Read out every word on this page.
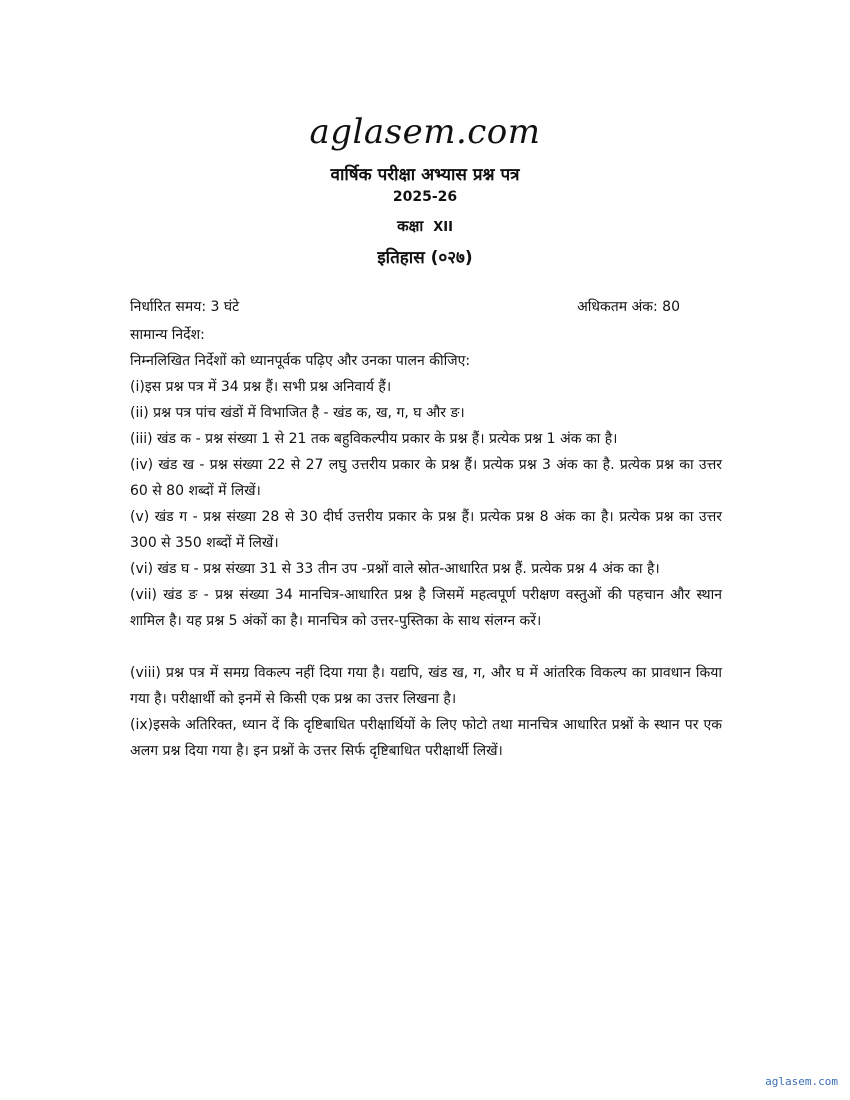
aglasem.com
वार्षिक परीक्षा अभ्यास प्रश्न पत्र
2025-26
कक्षा XII
इतिहास (०२७)
निर्धारित समय: 3 घंटे	अधिकतम अंक: 80

सामान्य निर्देश:

निम्नलिखित निर्देशों को ध्यानपूर्वक पढ़िए और उनका पालन कीजिए:

(i)इस प्रश्न पत्र में 34 प्रश्न हैं। सभी प्रश्न अनिवार्य हैं।

(ii) प्रश्न पत्र पांच खंडों में विभाजित है - खंड क, ख, ग, घ और ङ।

(iii) खंड क - प्रश्न संख्या 1 से 21 तक बहुविकल्पीय प्रकार के प्रश्न हैं। प्रत्येक प्रश्न 1 अंक का है।

(iv) खंड ख - प्रश्न संख्या 22 से 27 लघु उत्तरीय प्रकार के प्रश्न हैं। प्रत्येक प्रश्न 3 अंक का है. प्रत्येक प्रश्न का उत्तर 60 से 80 शब्दों में लिखें।

(v) खंड ग - प्रश्न संख्या 28 से 30 दीर्घ उत्तरीय प्रकार के प्रश्न हैं। प्रत्येक प्रश्न 8 अंक का है। प्रत्येक प्रश्न का उत्तर 300 से 350 शब्दों में लिखें।

(vi) खंड घ - प्रश्न संख्या 31 से 33 तीन उप -प्रश्नों वाले स्रोत-आधारित प्रश्न हैं. प्रत्येक प्रश्न 4 अंक का है।

(vii) खंड ङ - प्रश्न संख्या 34 मानचित्र-आधारित प्रश्न है जिसमें महत्वपूर्ण परीक्षण वस्तुओं की पहचान और स्थान शामिल है। यह प्रश्न 5 अंकों का है। मानचित्र को उत्तर-पुस्तिका के साथ संलग्न करें।

(viii) प्रश्न पत्र में समग्र विकल्प नहीं दिया गया है। यद्यपि, खंड ख, ग, और घ में आंतरिक विकल्प का प्रावधान किया गया है। परीक्षार्थी को इनमें से किसी एक प्रश्न का उत्तर लिखना है।

(ix)इसके अतिरिक्त, ध्यान दें कि दृष्टिबाधित परीक्षार्थियों के लिए फोटो तथा मानचित्र आधारित प्रश्नों के स्थान पर एक अलग प्रश्न दिया गया है। इन प्रश्नों के उत्तर सिर्फ दृष्टिबाधित परीक्षार्थी लिखें।

aglasem.com
